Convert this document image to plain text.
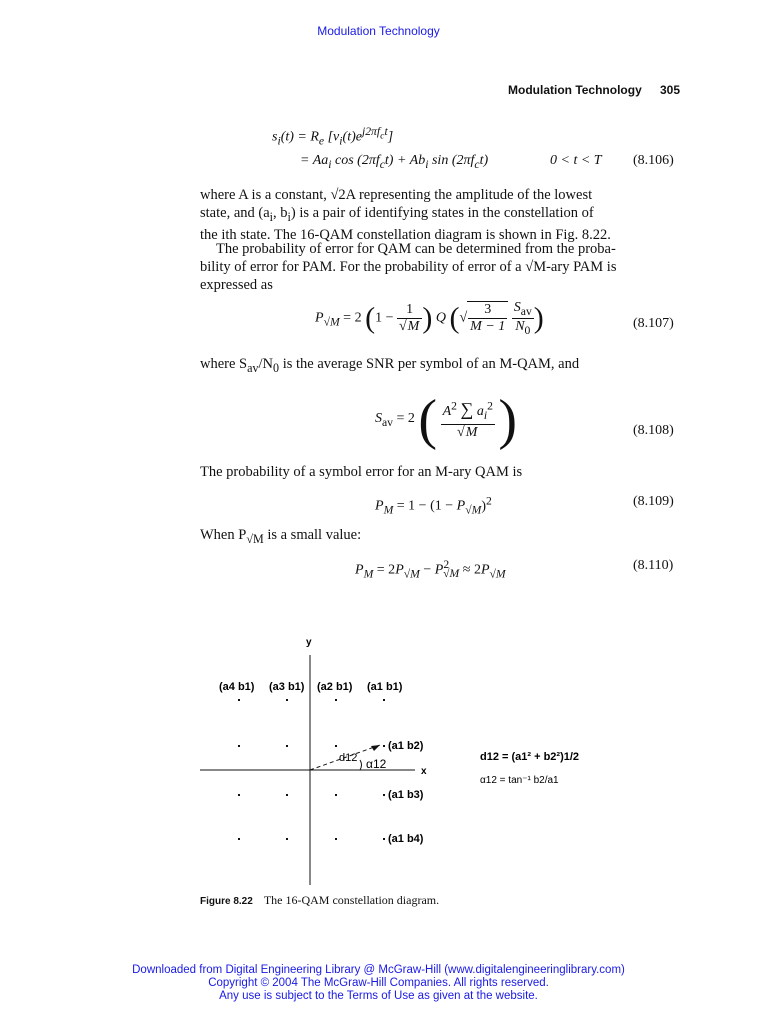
Modulation Technology
Modulation Technology 305
$s_i(t) = R_e$ $[v_i(t)e^{j2\pi f_ct}]$
= $Aa_i$ $\cos (2\pi f_ct) + Ab_i$ $\sin (2\pi f_ct)$	0 < t < T (8.106)
where A is a constant, √2A representing the amplitude of the lowest
state, and ($a_i$, $b_i$) is a pair of identifying states in the constellation of
the ith state. The 16-QAM constellation diagram is shown in Fig. 8.22.
The probability of error for QAM can be determined from the proba-
bility of error for PAM. For the probability of error of a √M-ary PAM is
expressed as
$P_{√M} = 2$ ($1 - \frac{1}{√M}$ ) Q (√ $\frac{3}{M - 1}$
$\frac{S_{av}}{N_0}$ )	(8.107)
where $S_{av}/N_0$ is the average SNR per symbol of an M-QAM, and
$S_{av} = 2$ ( $\frac{A^2 \sum a_i^2}{√M}$ )	(8.108)
The probability of a symbol error for an M-ary QAM is
$P_M = 1 - (1 - P_{√M})^2$	(8.109)
When $P_{√M}$ is a small value:
$P_M = 2P_{√M} - P^2_{√M} \approx 2P_{√M}$
(8.110)
y
x
(a4 b1) (a3 b1) (a2 b1) (a1 b1)
(a1 b2)
(a1 b3)
(a1 b4)
d12 α12	d12 = (a1² + b2²)1/2
α12 = tan⁻¹ b2/a1
Figure 8.22 The 16-QAM constellation diagram.
Downloaded from Digital Engineering Library @ McGraw-Hill (www.digitalengineeringlibrary.com)
Copyright © 2004 The McGraw-Hill Companies. All rights reserved.
Any use is subject to the Terms of Use as given at the website.
